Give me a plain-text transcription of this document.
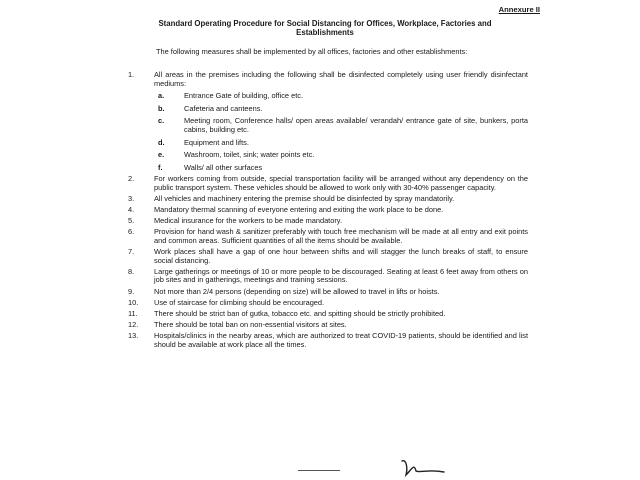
Annexure II
Standard Operating Procedure for Social Distancing for Offices, Workplace, Factories and Establishments
The following measures shall be implemented by all offices, factories and other establishments:
1.	All areas in the premises including the following shall be disinfected completely using user friendly disinfectant mediums:
a.	Entrance Gate of building, office etc.
b.	Cafeteria and canteens.
c.	Meeting room, Conference halls/ open areas available/ verandah/ entrance gate of site, bunkers, porta cabins, building etc.
d.	Equipment and lifts.
e.	Washroom, toilet, sink; water points etc.
f.	Walls/ all other surfaces
2.	For workers coming from outside, special transportation facility will be arranged without any dependency on the public transport system. These vehicles should be allowed to work only with 30-40% passenger capacity.
3.	All vehicles and machinery entering the premise should be disinfected by spray mandatorily.
4.	Mandatory thermal scanning of everyone entering and exiting the work place to be done.
5.	Medical insurance for the workers to be made mandatory.
6.	Provision for hand wash & sanitizer preferably with touch free mechanism will be made at all entry and exit points and common areas. Sufficient quantities of all the items should be available.
7.	Work places shall have a gap of one hour between shifts and will stagger the lunch breaks of staff, to ensure social distancing.
8.	Large gatherings or meetings of 10 or more people to be discouraged. Seating at least 6 feet away from others on job sites and in gatherings, meetings and training sessions.
9.	Not more than 2/4 persons (depending on size) will be allowed to travel in lifts or hoists.
10.	Use of staircase for climbing should be encouraged.
11.	There should be strict ban of gutka, tobacco etc. and spitting should be strictly prohibited.
12.	There should be total ban on non-essential visitors at sites.
13.	Hospitals/clinics in the nearby areas, which are authorized to treat COVID-19 patients, should be identified and list should be available at work place all the times.
